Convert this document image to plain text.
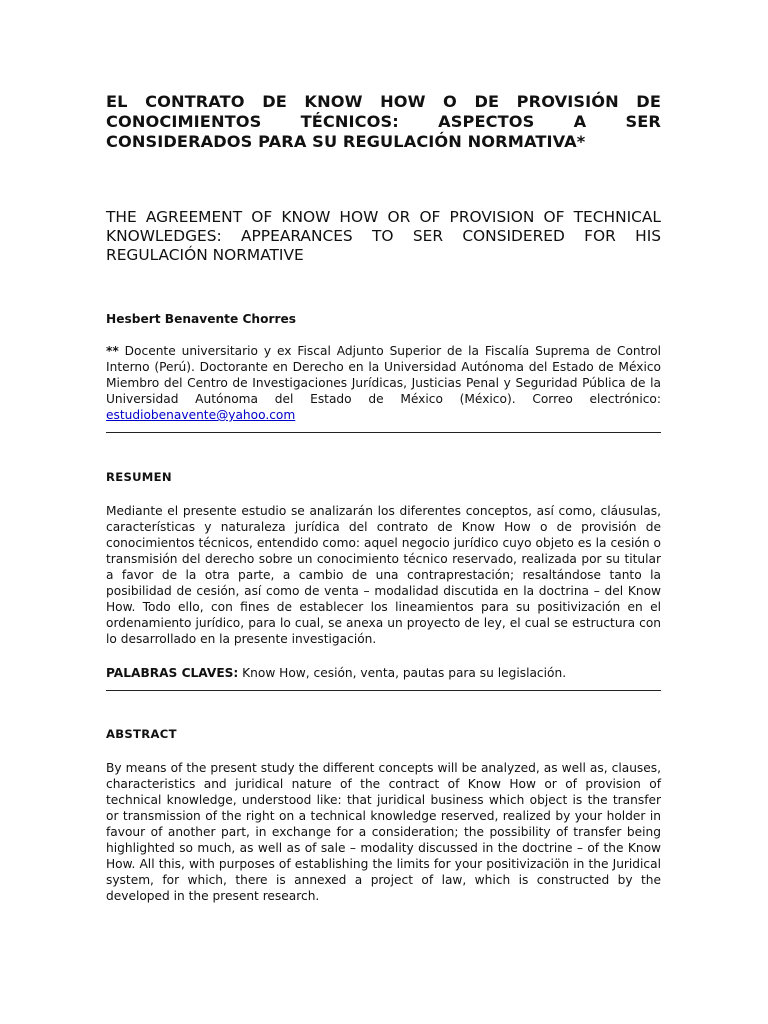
EL CONTRATO DE KNOW HOW O DE PROVISIÓN DE CONOCIMIENTOS TÉCNICOS: ASPECTOS A SER CONSIDERADOS PARA SU REGULACIÓN NORMATIVA*
THE AGREEMENT OF KNOW HOW OR OF PROVISION OF TECHNICAL KNOWLEDGES: APPEARANCES TO SER CONSIDERED FOR HIS REGULACIÓN NORMATIVE

Hesbert Benavente Chorres

** Docente universitario y ex Fiscal Adjunto Superior de la Fiscalía Suprema de Control Interno (Perú). Doctorante en Derecho en la Universidad Autónoma del Estado de México Miembro del Centro de Investigaciones Jurídicas, Justicias Penal y Seguridad Pública de la Universidad Autónoma del Estado de México (México). Correo electrónico: estudiobenavente@yahoo.com

RESUMEN

Mediante el presente estudio se analizarán los diferentes conceptos, así como, cláusulas, características y naturaleza jurídica del contrato de Know How o de provisión de conocimientos técnicos, entendido como: aquel negocio jurídico cuyo objeto es la cesión o transmisión del derecho sobre un conocimiento técnico reservado, realizada por su titular a favor de la otra parte, a cambio de una contraprestación; resaltándose tanto la posibilidad de cesión, así como de venta – modalidad discutida en la doctrina – del Know How. Todo ello, con fines de establecer los lineamientos para su positivización en el ordenamiento jurídico, para lo cual, se anexa un proyecto de ley, el cual se estructura con lo desarrollado en la presente investigación.

PALABRAS CLAVES: Know How, cesión, venta, pautas para su legislación.

ABSTRACT

By means of the present study the different concepts will be analyzed, as well as, clauses, characteristics and juridical nature of the contract of Know How or of provision of technical knowledge, understood like: that juridical business which object is the transfer or transmission of the right on a technical knowledge reserved, realized by your holder in favour of another part, in exchange for a consideration; the possibility of transfer being highlighted so much, as well as of sale – modality discussed in the doctrine – of the Know How. All this, with purposes of establishing the limits for your positivizaciön in the Juridical system, for which, there is annexed a project of law, which is constructed by the developed in the present research.
